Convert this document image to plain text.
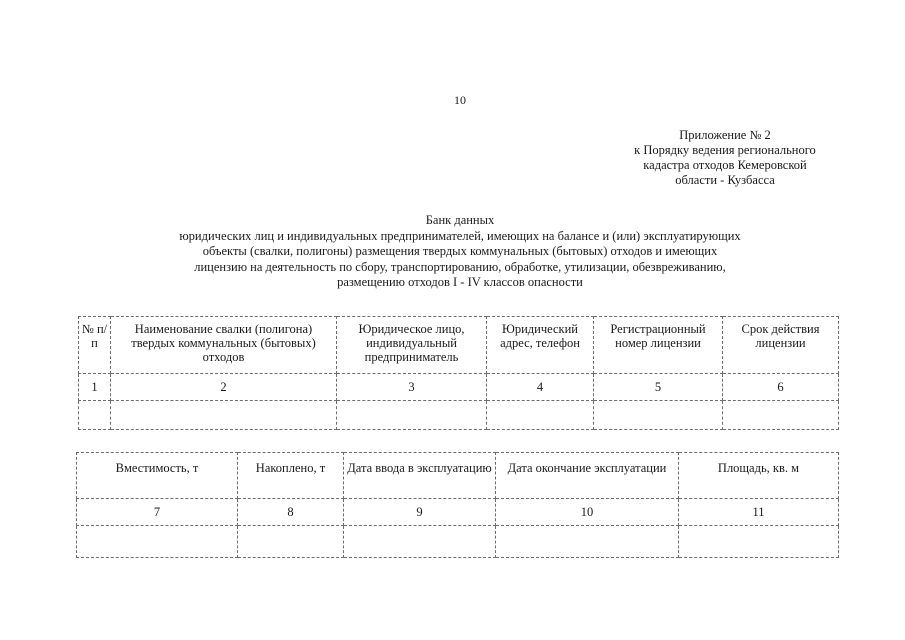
10
Приложение № 2
к Порядку ведения регионального
кадастра отходов Кемеровской
области - Кузбасса
Банк данных
юридических лиц и индивидуальных предпринимателей, имеющих на балансе и (или) эксплуатирующих
объекты (свалки, полигоны) размещения твердых коммунальных (бытовых) отходов и имеющих
лицензию на деятельность по сбору, транспортированию, обработке, утилизации, обезвреживанию,
размещению отходов I - IV классов опасности
№ п/п	Наименование свалки (полигона) твердых коммунальных (бытовых) отходов	Юридическое лицо, индивидуальный предприниматель	Юридический адрес, телефон	Регистрационный номер лицензии	Срок действия лицензии
1	2	3	4	5	6

Вместимость, т	Накоплено, т	Дата ввода в эксплуатацию	Дата окончание эксплуатации	Площадь, кв. м
7	8	9	10	11
